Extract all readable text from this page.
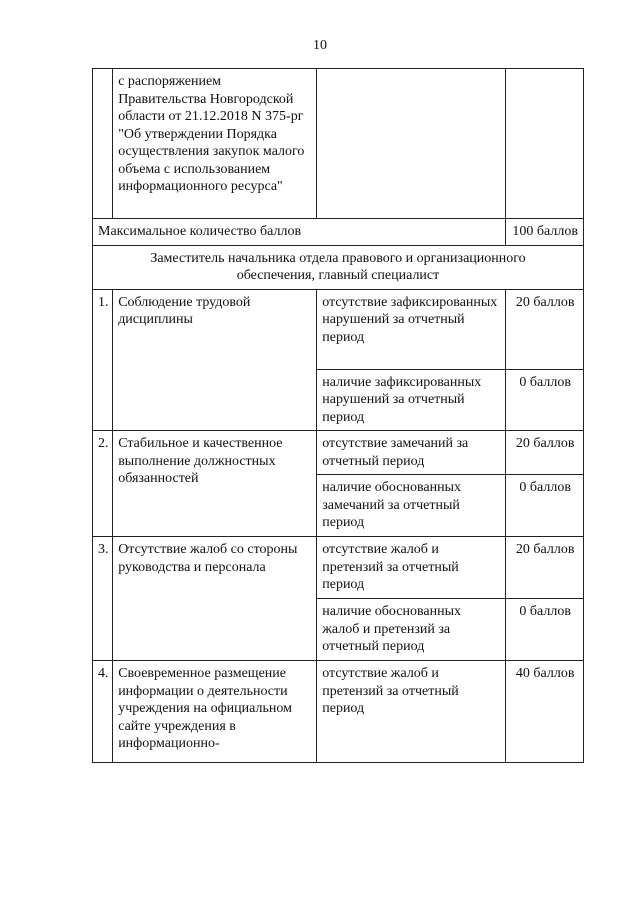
10
	с распоряжением Правительства Новгородской области от 21.12.2018 N 375-рг "Об утверждении Порядка осуществления закупок малого объема с использованием информационного ресурса"		
Максимальное количество баллов			100 баллов
Заместитель начальника отдела правового и организационного обеспечения, главный специалист			
1.	Соблюдение трудовой дисциплины	отсутствие зафиксированных нарушений за отчетный период	20 баллов
		наличие зафиксированных нарушений за отчетный период	0 баллов
2.	Стабильное и качественное выполнение должностных обязанностей	отсутствие замечаний за отчетный период	20 баллов
		наличие обоснованных замечаний за отчетный период	0 баллов
3.	Отсутствие жалоб со стороны руководства и персонала	отсутствие жалоб и претензий за отчетный период	20 баллов
		наличие обоснованных жалоб и претензий за отчетный период	0 баллов
4.	Своевременное размещение информации о деятельности учреждения на официальном сайте учреждения в информационно-	отсутствие жалоб и претензий за отчетный период	40 баллов
